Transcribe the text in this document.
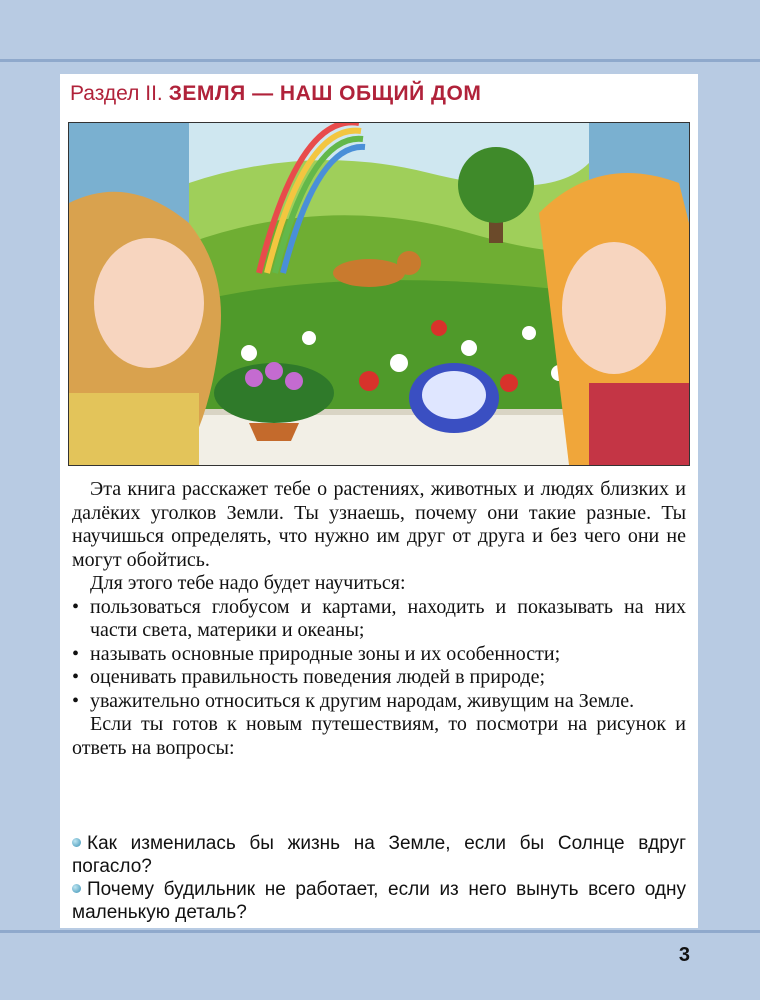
Раздел II. ЗЕМЛЯ — НАШ ОБЩИЙ ДОМ

Эта книга расскажет тебе о растениях, животных и людях близких и далёких уголков Земли. Ты узнаешь, почему они такие разные. Ты научишься определять, что нужно им друг от друга и без чего они не могут обойтись.

Для этого тебе надо будет научиться:

• пользоваться глобусом и картами, находить и показывать на них части света, материки и океаны;
• называть основные природные зоны и их особенности;
• оценивать правильность поведения людей в природе;
• уважительно относиться к другим народам, живущим на Земле.

Если ты готов к новым путешествиям, то посмотри на рисунок и ответь на вопросы:

Как изменилась бы жизнь на Земле, если бы Солнце вдруг погасло?

Почему будильник не работает, если из него вынуть всего одну маленькую деталь?

3
